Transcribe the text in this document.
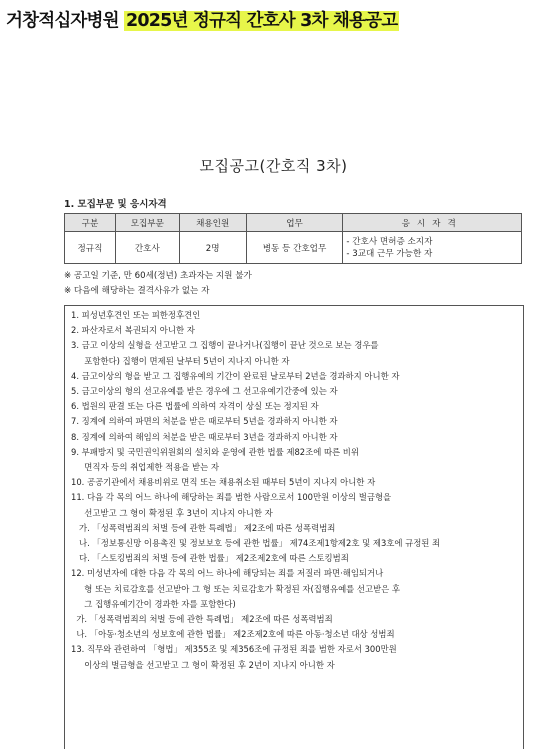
거창적십자병원 2025년 정규직 간호사 3차 채용공고
모집공고(간호직 3차)
1. 모집부문 및 응시자격
구분	모집부문	채용인원	업무	응시자격
정규직	간호사	2명	병동 등 간호업무	- 간호사 면허증 소지자
- 3교대 근무 가능한 자
※ 공고일 기준, 만 60세(정년) 초과자는 지원 불가
※ 다음에 해당하는 결격사유가 없는 자
1. 피성년후견인 또는 피한정후견인
2. 파산자로서 복권되지 아니한 자
3. 금고 이상의 실형을 선고받고 그 집행이 끝나거나(집행이 끝난 것으로 보는 경우를
포함한다) 집행이 면제된 날부터 5년이 지나지 아니한 자
4. 금고이상의 형을 받고 그 집행유예의 기간이 완료된 날로부터 2년을 경과하지 아니한 자
5. 금고이상의 형의 선고유예를 받은 경우에 그 선고유예기간중에 있는 자
6. 법원의 판결 또는 다른 법률에 의하여 자격이 상실 또는 정지된 자
7. 징계에 의하여 파면의 처분을 받은 때로부터 5년을 경과하지 아니한 자
8. 징계에 의하여 해임의 처분을 받은 때로부터 3년을 경과하지 아니한 자
9. 부패방지 및 국민권익위원회의 설치와 운영에 관한 법률 제82조에 따른 비위
면직자 등의 취업제한 적용을 받는 자
10. 공공기관에서 채용비위로 면직 또는 채용취소된 때부터 5년이 지나지 아니한 자
11. 다음 각 목의 어느 하나에 해당하는 죄를 범한 사람으로서 100만원 이상의 벌금형을
선고받고 그 형이 확정된 후 3년이 지나지 아니한 자
가. 「성폭력범죄의 처벌 등에 관한 특례법」 제2조에 따른 성폭력범죄
나. 「정보통신망 이용촉진 및 정보보호 등에 관한 법률」 제74조제1항제2호 및 제3호에 규정된 죄
다. 「스토킹범죄의 처벌 등에 관한 법률」 제2조제2호에 따른 스토킹범죄
12. 미성년자에 대한 다음 각 목의 어느 하나에 해당되는 죄를 저질러 파면·해임되거나
형 또는 치료감호를 선고받아 그 형 또는 치료감호가 확정된 자(집행유예를 선고받은 후
그 집행유예기간이 경과한 자를 포함한다)
가. 「성폭력범죄의 처벌 등에 관한 특례법」 제2조에 따른 성폭력범죄
나. 「아동·청소년의 성보호에 관한 법률」 제2조제2호에 따른 아동·청소년 대상 성범죄
13. 직무와 관련하여 「형법」 제355조 및 제356조에 규정된 죄를 범한 자로서 300만원
이상의 벌금형을 선고받고 그 형이 확정된 후 2년이 지나지 아니한 자
